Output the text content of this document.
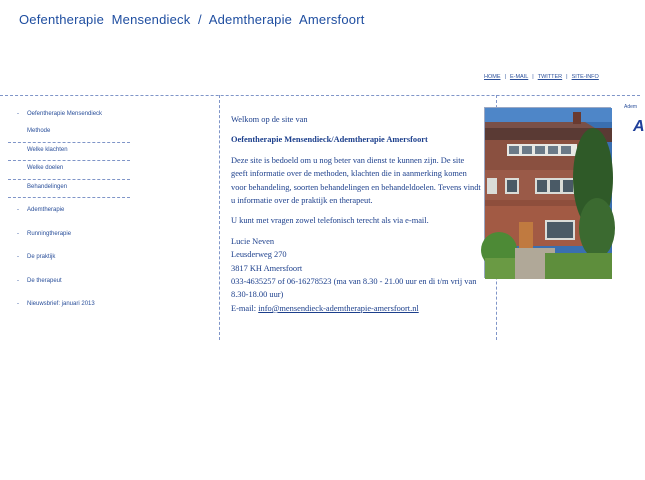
Oefentherapie  Mensendieck  /  Ademtherapie  Amersfoort
HOME | E-MAIL | TWITTER | SITE-INFO
- Oefentherapie Mensendieck
Methode
Welke klachten
Welke doelen
Behandelingen
- Ademtherapie
- Runningtherapie
- De praktijk
- De therapeut
- Nieuwsbrief: januari 2013

Welkom op de site van

Oefentherapie Mensendieck/Ademtherapie Amersfoort

Deze site is bedoeld om u nog beter van dienst te kunnen zijn. De site geeft informatie over de methoden, klachten die in aanmerking komen voor behandeling, soorten behandelingen en behandeldoelen. Tevens vindt u informatie over de praktijk en therapeut.

U kunt met vragen zowel telefonisch terecht als via e-mail.

Lucie Neven
Leusderweg 270
3817 KH Amersfoort
033-4635257 of 06-16278523 (ma van 8.30 - 21.00 uur en di t/m vrij van 8.30-18.00 uur)
E-mail: info@mensendieck-ademtherapie-amersfoort.nl
Adem
A
